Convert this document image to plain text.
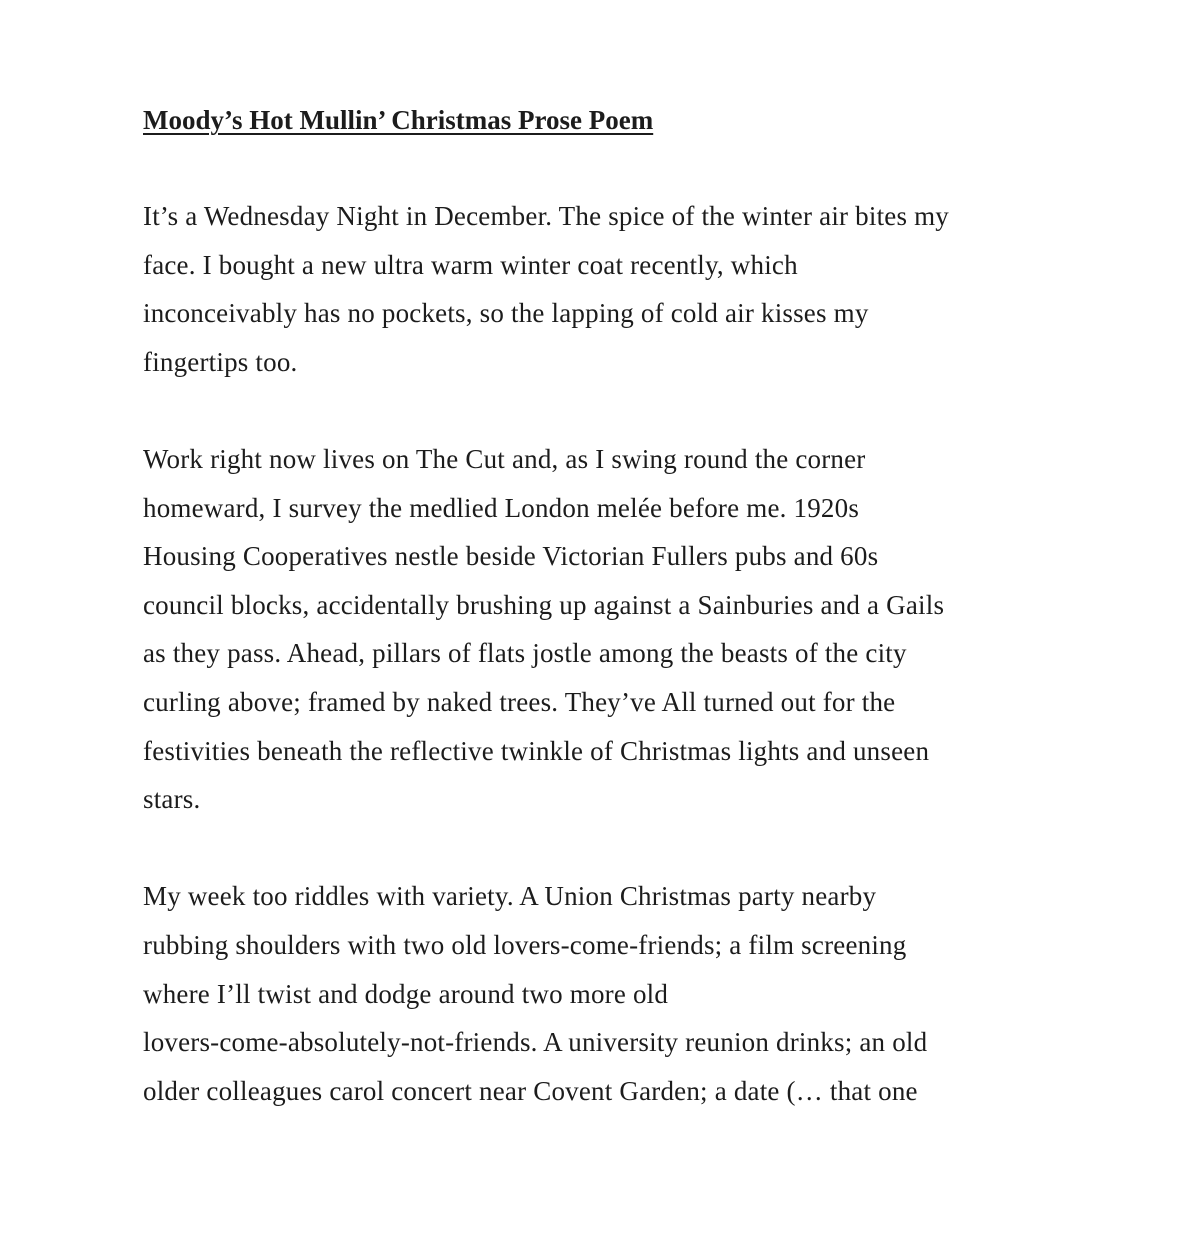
Moody’s Hot Mullin’ Christmas Prose Poem
It’s a Wednesday Night in December. The spice of the winter air bites my
face. I bought a new ultra warm winter coat recently, which
inconceivably has no pockets, so the lapping of cold air kisses my
fingertips too.
Work right now lives on The Cut and, as I swing round the corner
homeward, I survey the medlied London melée before me. 1920s
Housing Cooperatives nestle beside Victorian Fullers pubs and 60s
council blocks, accidentally brushing up against a Sainburies and a Gails
as they pass. Ahead, pillars of flats jostle among the beasts of the city
curling above; framed by naked trees. They’ve All turned out for the
festivities beneath the reflective twinkle of Christmas lights and unseen
stars.
My week too riddles with variety. A Union Christmas party nearby
rubbing shoulders with two old lovers-come-friends; a film screening
where I’ll twist and dodge around two more old
lovers-come-absolutely-not-friends. A university reunion drinks; an old
older colleagues carol concert near Covent Garden; a date (… that one
